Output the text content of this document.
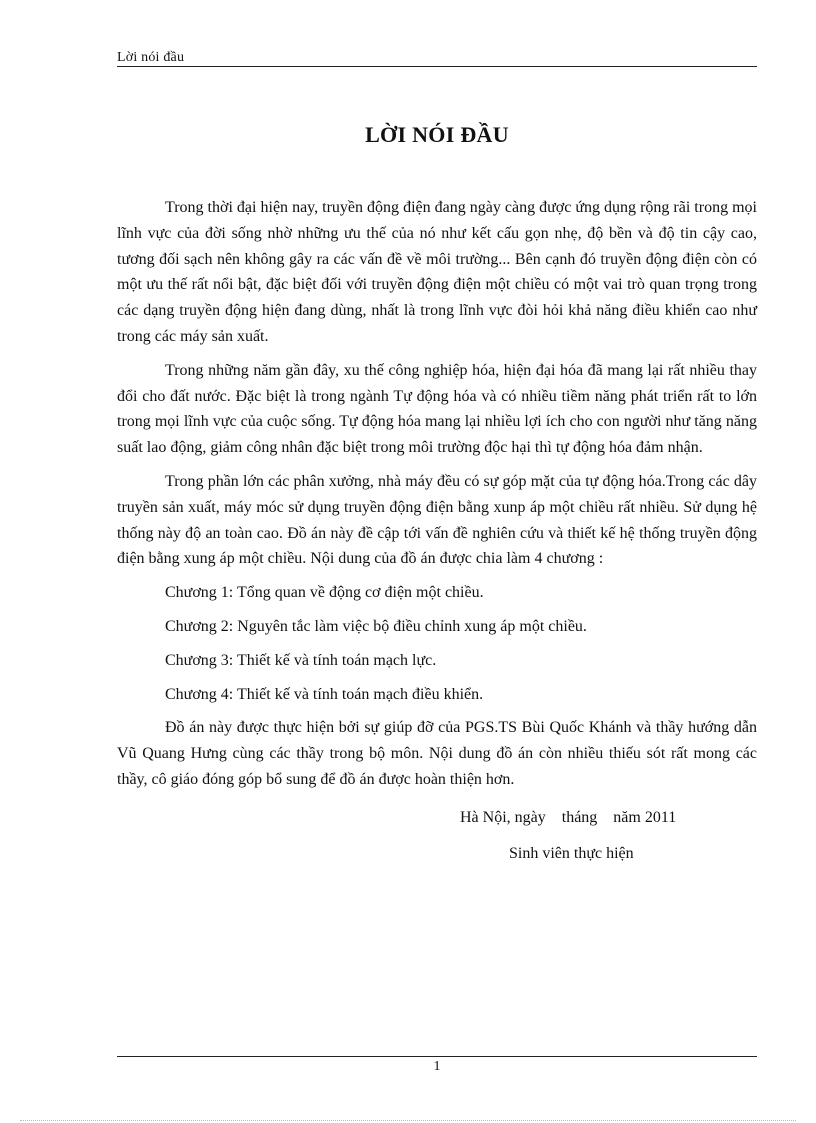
Lời nói đầu
LỜI NÓI ĐẦU

Trong thời đại hiện nay, truyền động điện đang ngày càng được ứng dụng rộng rãi trong mọi lĩnh vực của đời sống nhờ những ưu thế của nó như kết cấu gọn nhẹ, độ bền và độ tin cậy cao, tương đối sạch nên không gây ra các vấn đề về môi trường... Bên cạnh đó truyền động điện còn có một ưu thế rất nổi bật, đặc biệt đối với truyền động điện một chiều có một vai trò quan trọng trong các dạng truyền động hiện đang dùng, nhất là trong lĩnh vực đòi hỏi khả năng điều khiển cao như trong các máy sản xuất.

Trong những năm gần đây, xu thế công nghiệp hóa, hiện đại hóa đã mang lại rất nhiều thay đổi cho đất nước. Đặc biệt là trong ngành Tự động hóa và có nhiều tiềm năng phát triển rất to lớn trong mọi lĩnh vực của cuộc sống. Tự động hóa mang lại nhiều lợi ích cho con người như tăng năng suất lao động, giảm công nhân đặc biệt trong môi trường độc hại thì tự động hóa đảm nhận.

Trong phần lớn các phân xưởng, nhà máy đều có sự góp mặt của tự động hóa.Trong các dây truyền sản xuất, máy móc sử dụng truyền động điện bằng xunp áp một chiều rất nhiều. Sử dụng hệ thống này độ an toàn cao. Đồ án này đề cập tới vấn đề nghiên cứu và thiết kế hệ thống truyền động điện bằng xung áp một chiều. Nội dung của đồ án được chia làm 4 chương :

Chương 1: Tổng quan về động cơ điện một chiều.
Chương 2: Nguyên tắc làm việc bộ điều chỉnh xung áp một chiều.
Chương 3: Thiết kế và tính toán mạch lực.
Chương 4: Thiết kế và tính toán mạch điều khiển.

Đồ án này được thực hiện bởi sự giúp đỡ của PGS.TS Bùi Quốc Khánh và thầy hướng dẫn Vũ Quang Hưng cùng các thầy trong bộ môn. Nội dung đồ án còn nhiều thiếu sót rất mong các thầy, cô giáo đóng góp bổ sung để đồ án được hoàn thiện hơn.

Hà Nội, ngày    tháng    năm 2011
Sinh viên thực hiện
1
